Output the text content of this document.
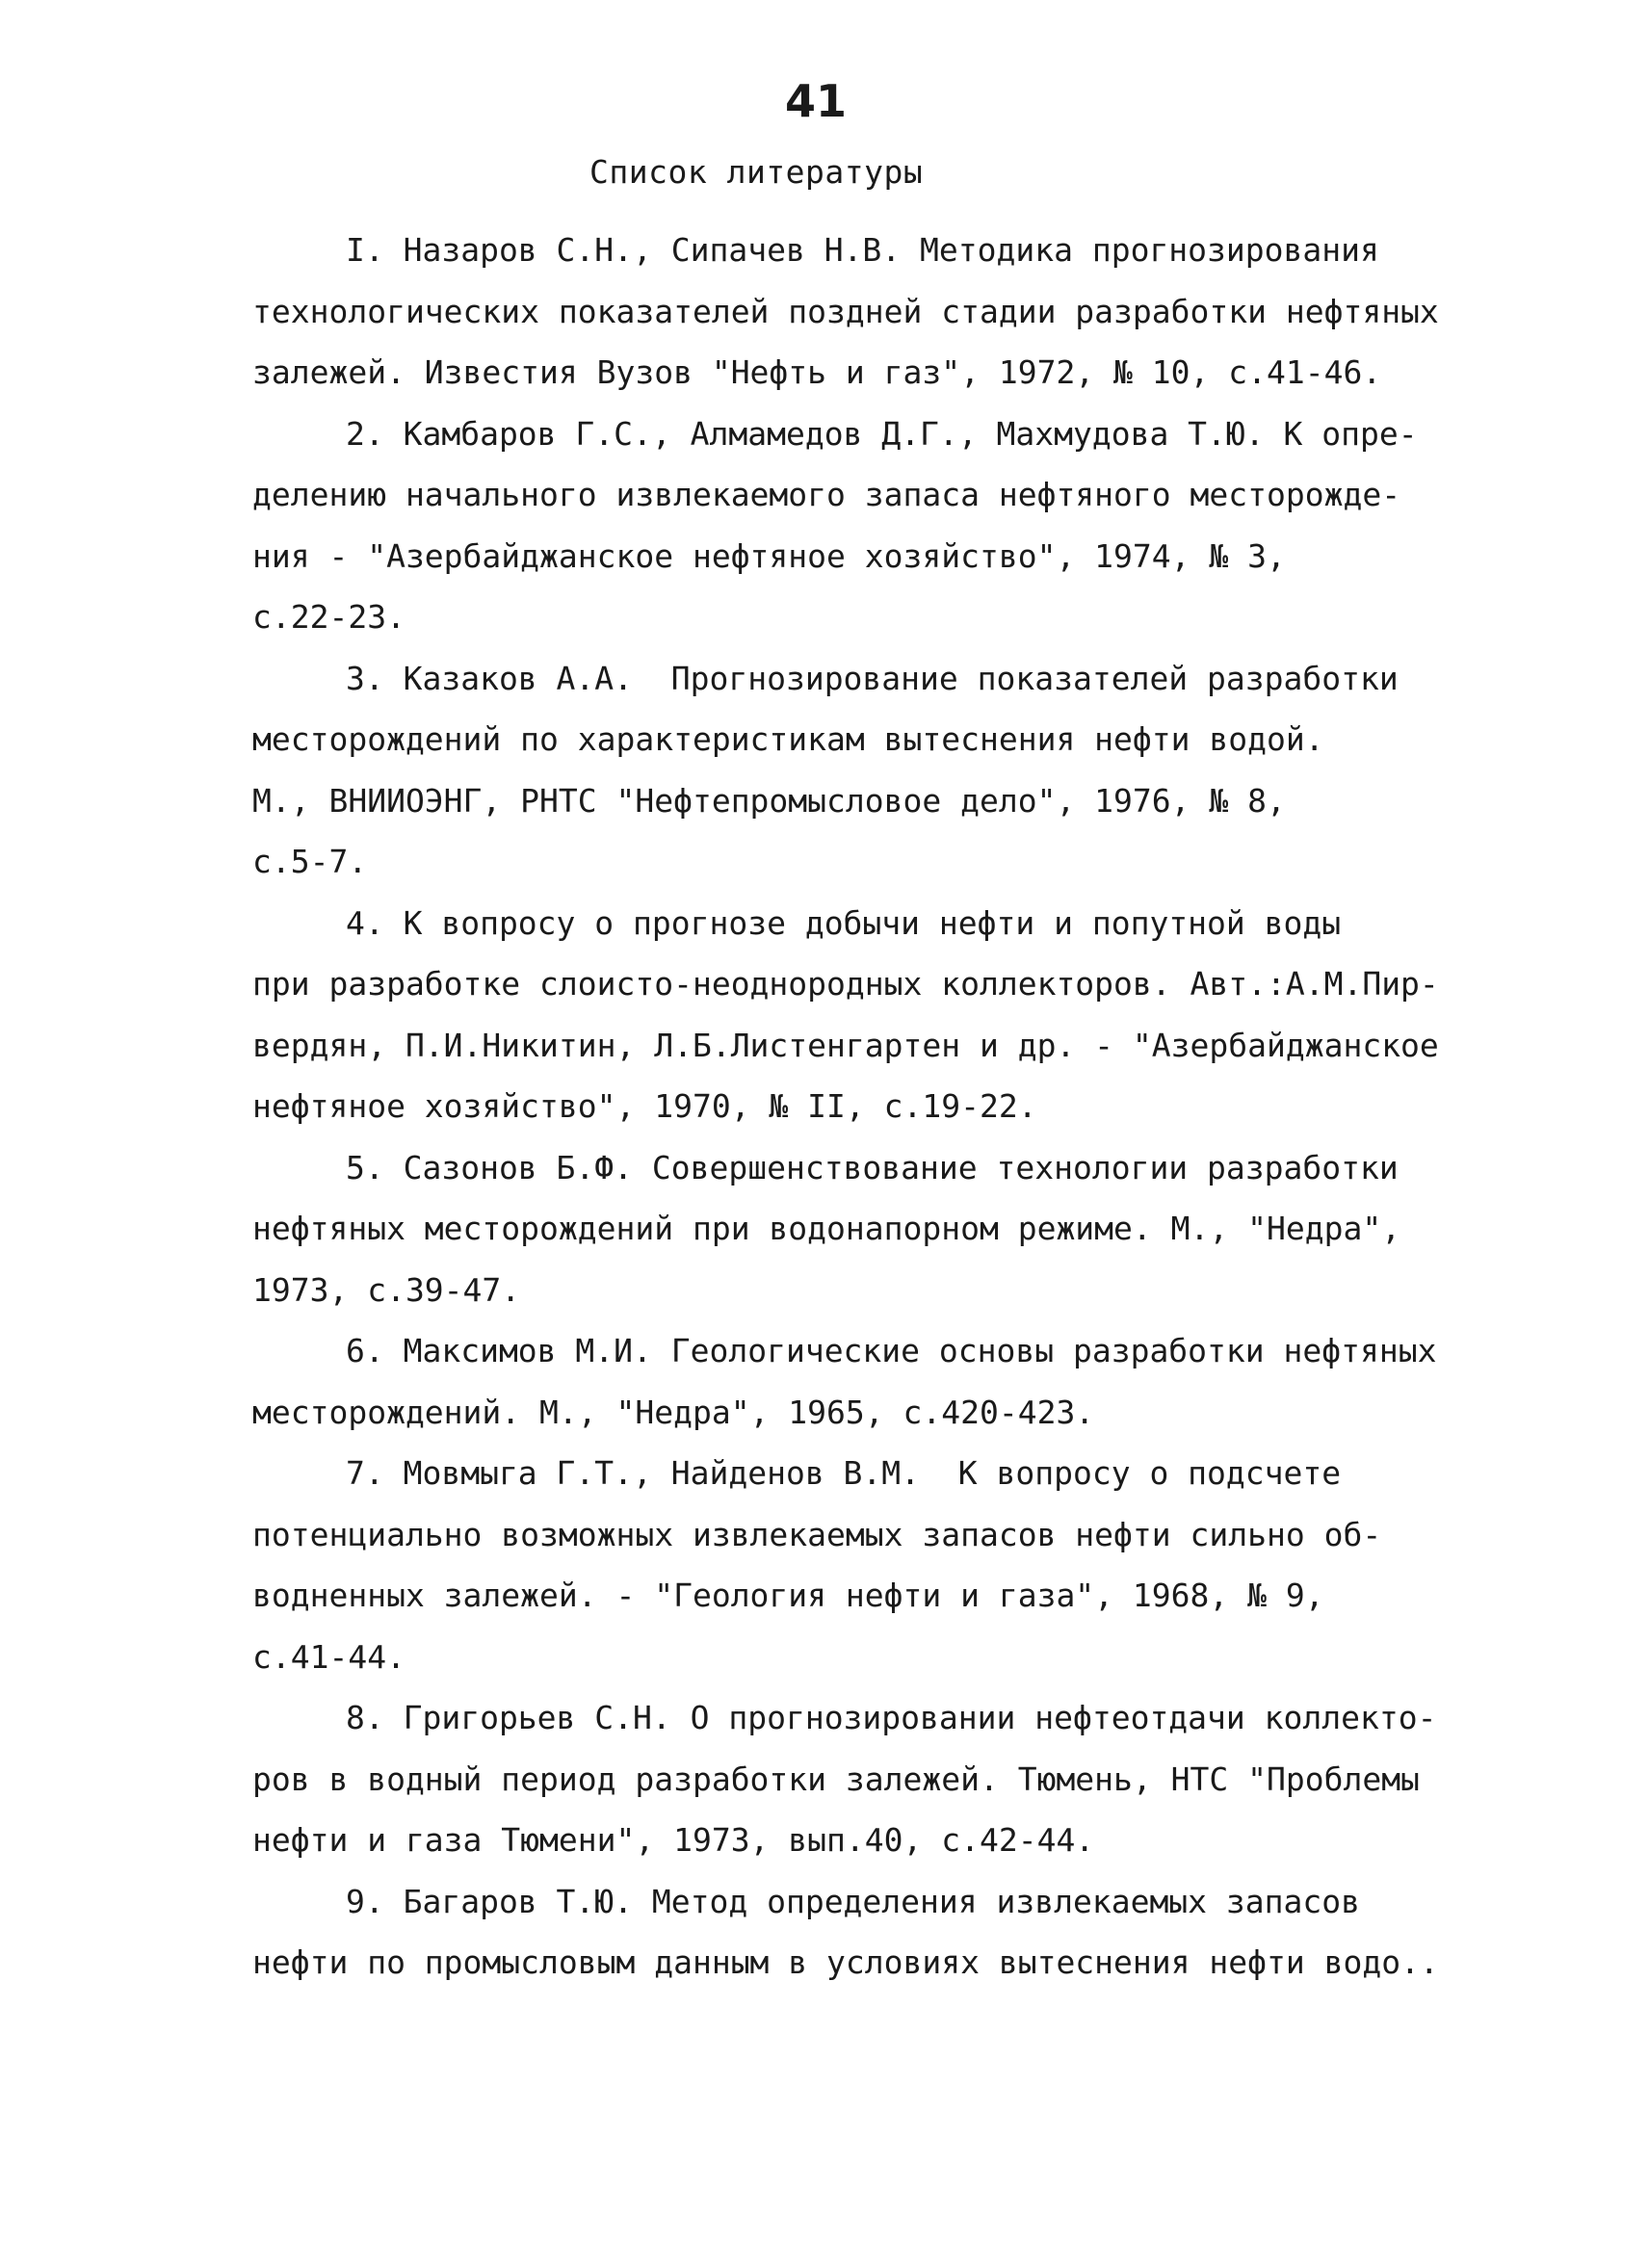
41
Список литературы
I. Назаров С.Н., Сипачев Н.В. Методика прогнозирования
технологических показателей поздней стадии разработки нефтяных
залежей. Известия Вузов "Нефть и газ", 1972, № 10, с.41-46.
2. Камбаров Г.С., Алмамедов Д.Г., Махмудова Т.Ю. К опре-
делению начального извлекаемого запаса нефтяного месторожде-
ния - "Азербайджанское нефтяное хозяйство", 1974, № 3,
с.22-23.
3. Казаков А.А.  Прогнозирование показателей разработки
месторождений по характеристикам вытеснения нефти водой.
М., ВНИИОЭНГ, РНТС "Нефтепромысловое дело", 1976, № 8,
с.5-7.
4. К вопросу о прогнозе добычи нефти и попутной воды
при разработке слоисто-неоднородных коллекторов. Авт.:А.М.Пир-
вердян, П.И.Никитин, Л.Б.Листенгартен и др. - "Азербайджанское
нефтяное хозяйство", 1970, № II, с.19-22.
5. Сазонов Б.Ф. Совершенствование технологии разработки
нефтяных месторождений при водонапорном режиме. М., "Недра",
1973, с.39-47.
6. Максимов М.И. Геологические основы разработки нефтяных
месторождений. М., "Недра", 1965, с.420-423.
7. Мовмыга Г.Т., Найденов В.М.  К вопросу о подсчете
потенциально возможных извлекаемых запасов нефти сильно об-
водненных залежей. - "Геология нефти и газа", 1968, № 9,
с.41-44.
8. Григорьев С.Н. О прогнозировании нефтеотдачи коллекто-
ров в водный период разработки залежей. Тюмень, НТС "Проблемы
нефти и газа Тюмени", 1973, вып.40, с.42-44.
9. Багаров Т.Ю. Метод определения извлекаемых запасов
нефти по промысловым данным в условиях вытеснения нефти водо..
